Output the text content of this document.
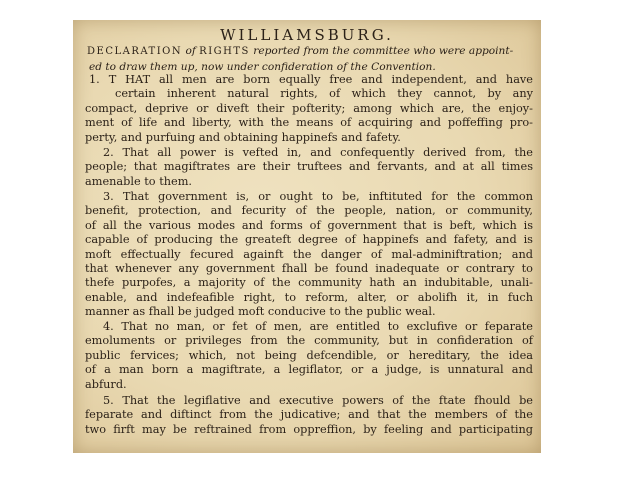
WILLIAMSBURG.
DECLARATION of RIGHTS reported from the committee who were appoint-
ed to draw them up, now under confideration of the Convention.
1. T HAT all men are born equally free and independent, and have
certain inherent natural rights, of which they cannot, by any
compact, deprive or diveft their pofterity; among which are, the enjoy-
ment of life and liberty, with the means of acquiring and poffeffing pro-
perty, and purfuing and obtaining happinefs and fafety.
2. That all power is vefted in, and confequently derived from, the
people; that magiftrates are their truftees and fervants, and at all times
amenable to them.
3. That government is, or ought to be, inftituted for the common
benefit, protection, and fecurity of the people, nation, or community,
of all the various modes and forms of government that is beft, which is
capable of producing the greateft degree of happinefs and fafety, and is
moft effectually fecured againft the danger of mal-adminiftration; and
that whenever any government fhall be found inadequate or contrary to
thefe purpofes, a majority of the community hath an indubitable, unali-
enable, and indefeafible right, to reform, alter, or abolifh it, in fuch
manner as fhall be judged moft conducive to the public weal.
4. That no man, or fet of men, are entitled to exclufive or feparate
emoluments or privileges from the community, but in confideration of
public fervices; which, not being defcendible, or hereditary, the idea
of a man born a magiftrate, a legiflator, or a judge, is unnatural and
abfurd.
5. That the legiflative and executive powers of the ftate fhould be
feparate and diftinct from the judicative; and that the members of the
two firft may be reftrained from oppreffion, by feeling and participating
